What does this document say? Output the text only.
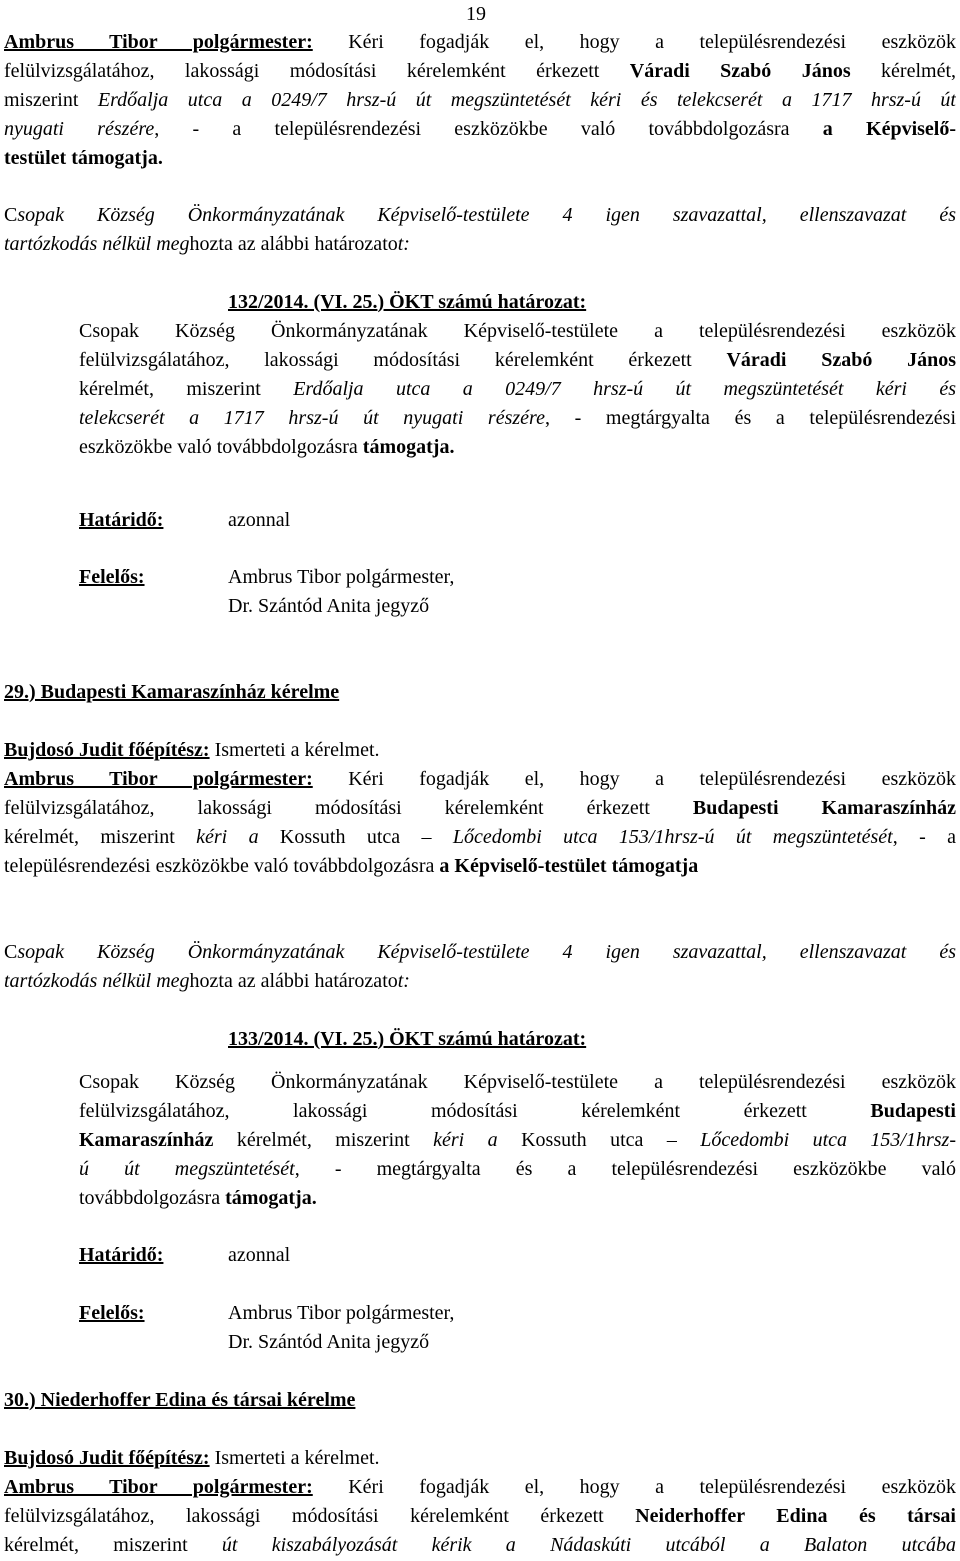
19
Ambrus Tibor polgármester: Kéri fogadják el, hogy a településrendezési eszközök
felülvizsgálatához, lakossági módosítási kérelemként érkezett Váradi Szabó János kérelmét,
miszerint Erdőalja utca a 0249/7 hrsz-ú út megszüntetését kéri és telekcserét a 1717 hrsz-ú út
nyugati részére, - a településrendezési eszközökbe való továbbdolgozásra a Képviselő-
testület támogatja.
Csopak Község Önkormányzatának Képviselő-testülete 4 igen szavazattal, ellenszavazat és
tartózkodás nélkül meghozta az alábbi határozatot:
132/2014. (VI. 25.) ÖKT számú határozat:
Csopak Község Önkormányzatának Képviselő-testülete a településrendezési eszközök
felülvizsgálatához, lakossági módosítási kérelemként érkezett Váradi Szabó János
kérelmét, miszerint Erdőalja utca a 0249/7 hrsz-ú út megszüntetését kéri és
telekcserét a 1717 hrsz-ú út nyugati részére, - megtárgyalta és a településrendezési
eszközökbe való továbbdolgozásra támogatja.
Határidő:	azonnal
Felelős:	Ambrus Tibor polgármester,
Dr. Szántód Anita jegyző
29.) Budapesti Kamaraszínház kérelme
Bujdosó Judit főépítész: Ismerteti a kérelmet.
Ambrus Tibor polgármester: Kéri fogadják el, hogy a településrendezési eszközök
felülvizsgálatához, lakossági módosítási kérelemként érkezett Budapesti Kamaraszínház
kérelmét, miszerint kéri a Kossuth utca – Lőcedombi utca 153/1hrsz-ú út megszüntetését, - a
településrendezési eszközökbe való továbbdolgozásra a Képviselő-testület támogatja
Csopak Község Önkormányzatának Képviselő-testülete 4 igen szavazattal, ellenszavazat és
tartózkodás nélkül meghozta az alábbi határozatot:
133/2014. (VI. 25.) ÖKT számú határozat:
Csopak Község Önkormányzatának Képviselő-testülete a településrendezési eszközök
felülvizsgálatához, lakossági módosítási kérelemként érkezett Budapesti
Kamaraszínház kérelmét, miszerint kéri a Kossuth utca – Lőcedombi utca 153/1hrsz-
ú út megszüntetését, - megtárgyalta és a településrendezési eszközökbe való
továbbdolgozásra támogatja.
Határidő:	azonnal
Felelős:	Ambrus Tibor polgármester,
Dr. Szántód Anita jegyző
30.) Niederhoffer Edina és társai kérelme
Bujdosó Judit főépítész: Ismerteti a kérelmet.
Ambrus Tibor polgármester: Kéri fogadják el, hogy a településrendezési eszközök
felülvizsgálatához, lakossági módosítási kérelemként érkezett Neiderhoffer Edina és társai
kérelmét, miszerint út kiszabályozását kérik a Nádaskúti utcából a Balaton utcába
